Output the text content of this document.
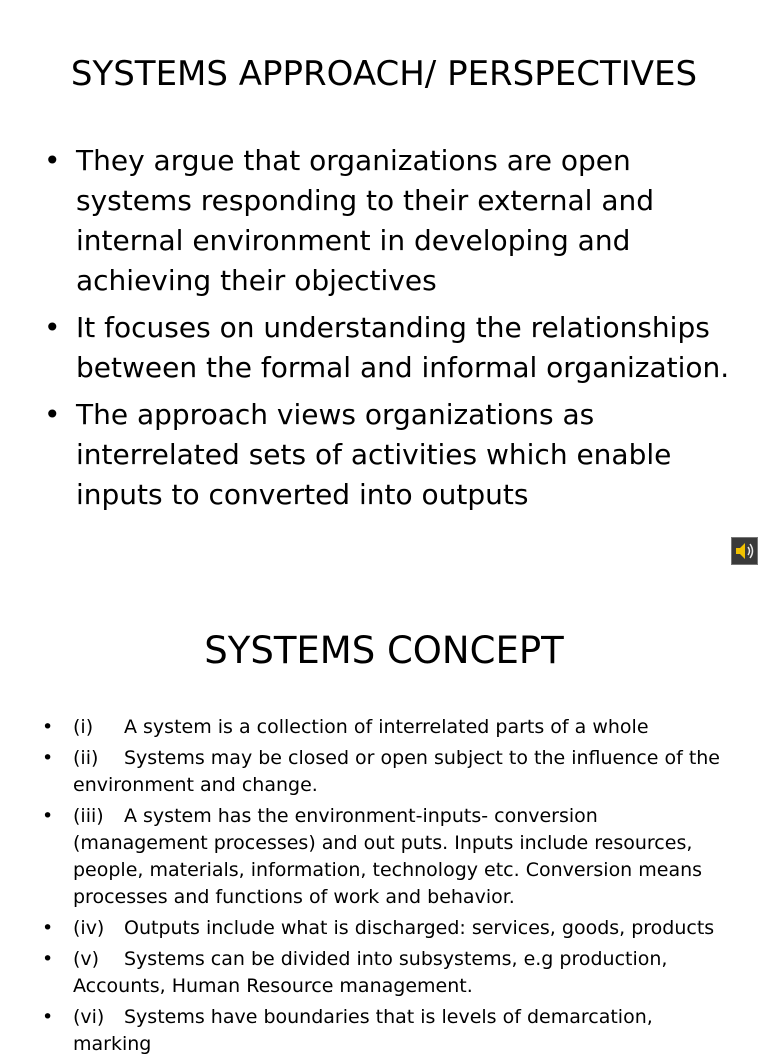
SYSTEMS APPROACH/ PERSPECTIVES
• They argue that organizations are open systems responding to their external and internal environment in developing and achieving their objectives
• It focuses on understanding the relationships between the formal and informal organization.
• The approach views organizations as interrelated sets of activities which enable inputs to converted into outputs
SYSTEMS CONCEPT
• (i) A system is a collection of interrelated parts of a whole
• (ii) Systems may be closed or open subject to the influence of the environment and change.
• (iii) A system has the environment-inputs- conversion (management processes) and out puts. Inputs include resources, people, materials, information, technology etc. Conversion means processes and functions of work and behavior.
• (iv) Outputs include what is discharged: services, goods, products
• (v) Systems can be divided into subsystems, e.g production, Accounts, Human Resource management.
• (vi) Systems have boundaries that is levels of demarcation, marking
